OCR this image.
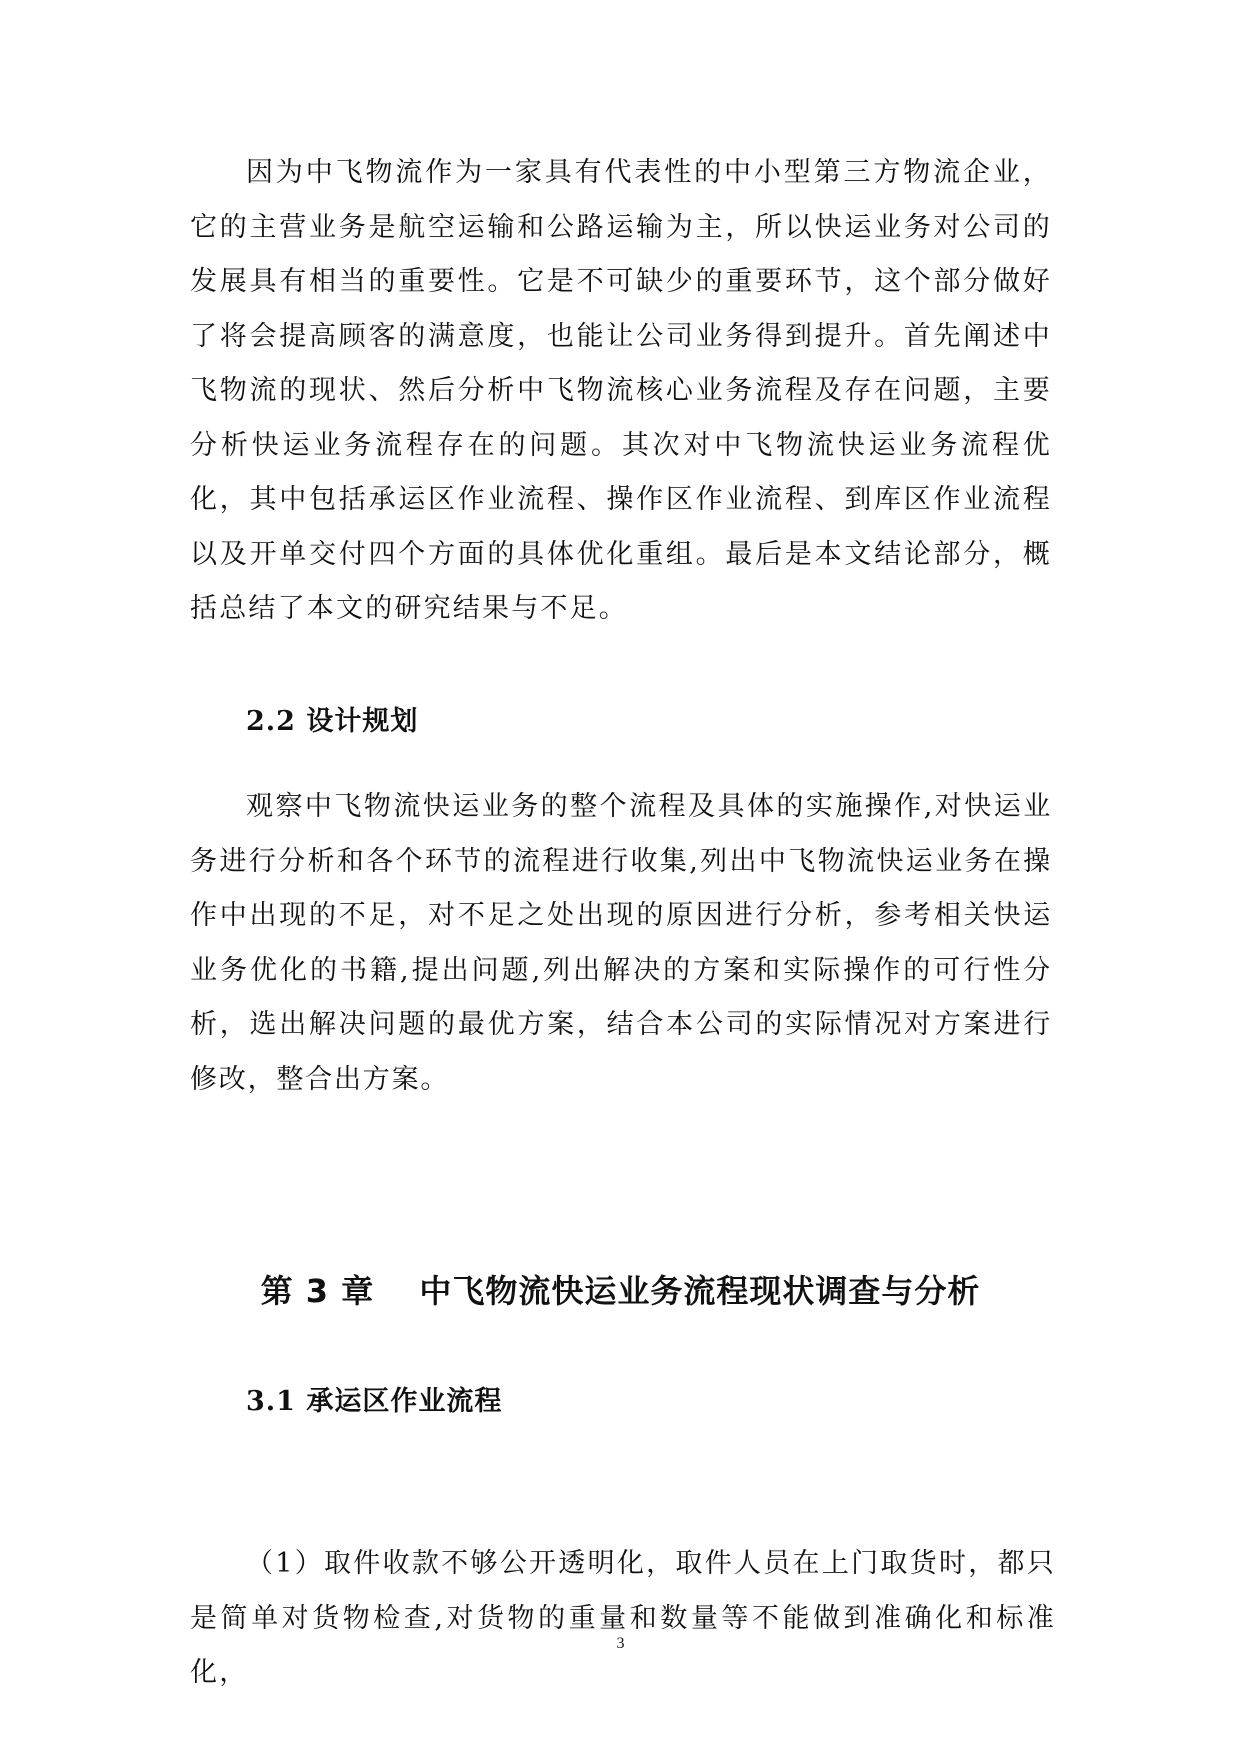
因为中飞物流作为一家具有代表性的中小型第三方物流企业，它的主营业务是航空运输和公路运输为主，所以快运业务对公司的发展具有相当的重要性。它是不可缺少的重要环节，这个部分做好了将会提高顾客的满意度，也能让公司业务得到提升。首先阐述中飞物流的现状、然后分析中飞物流核心业务流程及存在问题，主要分析快运业务流程存在的问题。其次对中飞物流快运业务流程优化，其中包括承运区作业流程、操作区作业流程、到库区作业流程以及开单交付四个方面的具体优化重组。最后是本文结论部分，概括总结了本文的研究结果与不足。

2.2 设计规划

观察中飞物流快运业务的整个流程及具体的实施操作,对快运业务进行分析和各个环节的流程进行收集,列出中飞物流快运业务在操作中出现的不足，对不足之处出现的原因进行分析，参考相关快运业务优化的书籍,提出问题,列出解决的方案和实际操作的可行性分析，选出解决问题的最优方案，结合本公司的实际情况对方案进行修改，整合出方案。

第 3 章　 中飞物流快运业务流程现状调查与分析
3.1 承运区作业流程

（1）取件收款不够公开透明化，取件人员在上门取货时，都只是简单对货物检查,对货物的重量和数量等不能做到准确化和标准化，

3
